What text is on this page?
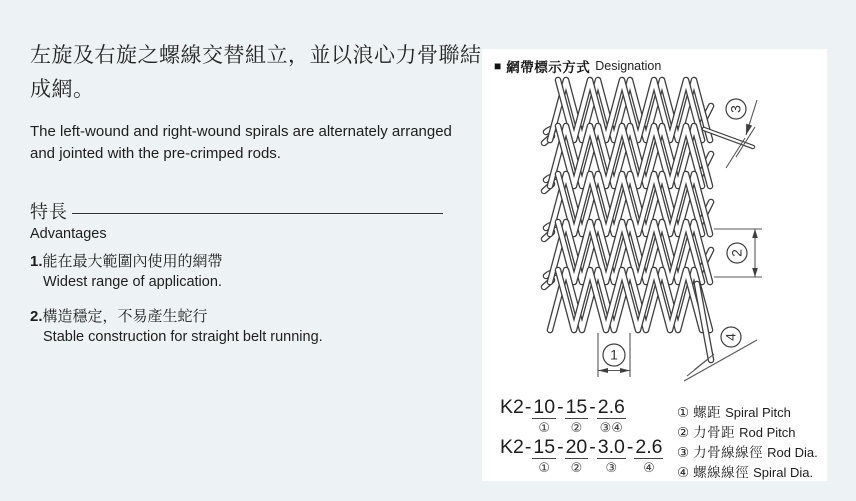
左旋及右旋之螺線交替組立，並以浪心力骨聯結
成網。
The left-wound and right-wound spirals are alternately arranged
and jointed with the pre-crimped rods.
特長
Advantages
1.能在最大範圍內使用的網帶
Widest range of application.
2.構造穩定，不易產生蛇行
Stable construction for straight belt running.
■ 網帶標示方式 Designation
3
2
1
4
K2 - 10
①
- 15
②
- 2.6
③④
K2 - 15
①
- 20
②
- 3.0
③
- 2.6
④
① 螺距 Spiral Pitch
② 力骨距 Rod Pitch
③ 力骨線線徑 Rod Dia.
④ 螺線線徑 Spiral Dia.
